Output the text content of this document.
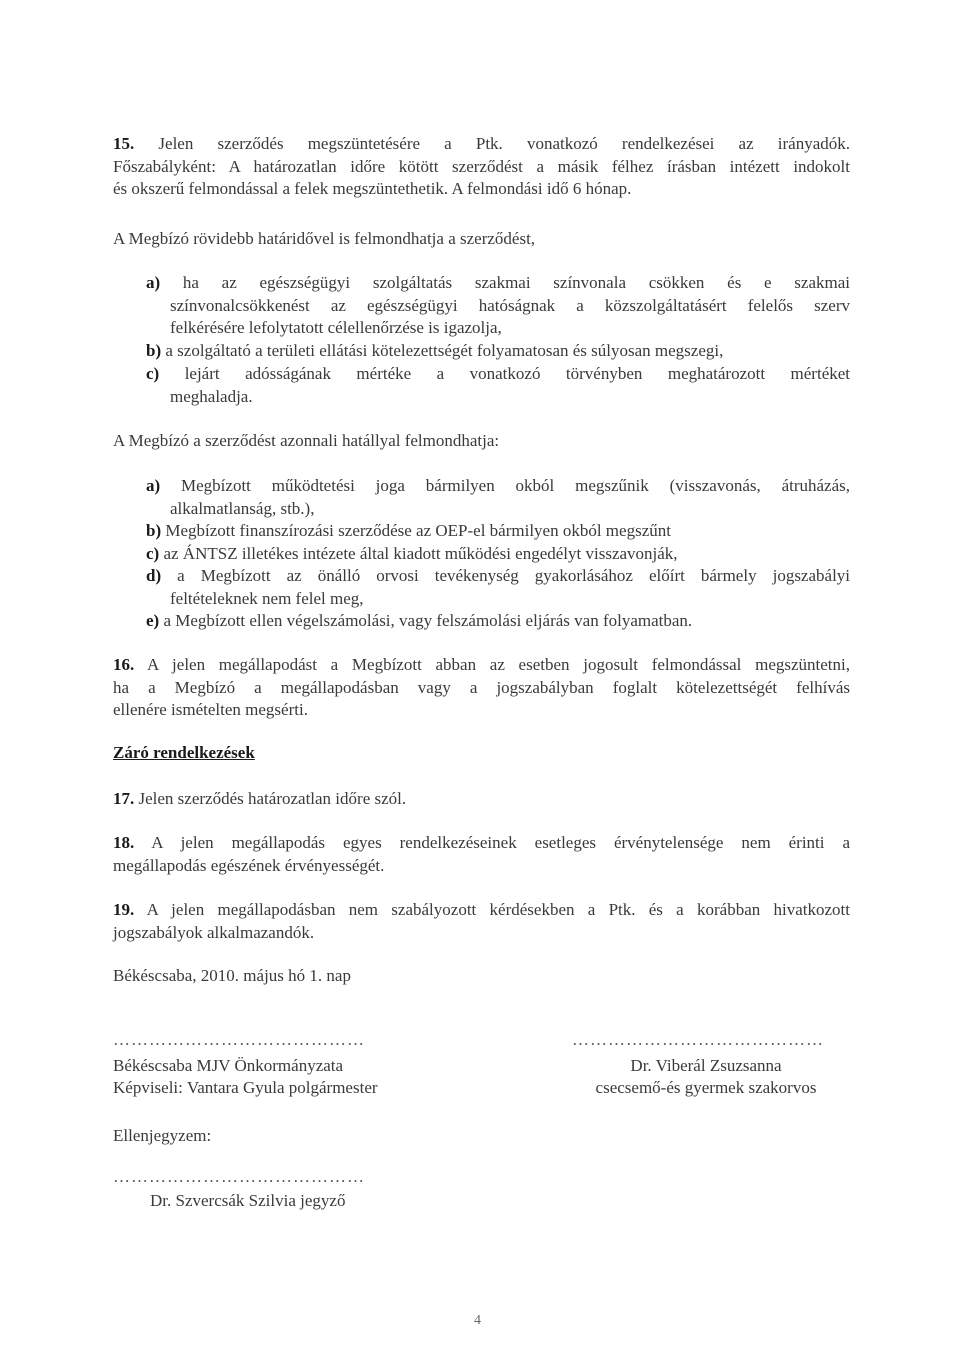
15. Jelen szerződés megszüntetésére a Ptk. vonatkozó rendelkezései az irányadók.
Főszabályként: A határozatlan időre kötött szerződést a másik félhez írásban intézett indokolt
és okszerű felmondással a felek megszüntethetik. A felmondási idő 6 hónap.
A Megbízó rövidebb határidővel is felmondhatja a szerződést,
a) ha az egészségügyi szolgáltatás szakmai színvonala csökken és e szakmai
színvonalcsökkenést az egészségügyi hatóságnak a közszolgáltatásért felelős szerv
felkérésére lefolytatott célellenőrzése is igazolja,
b) a szolgáltató a területi ellátási kötelezettségét folyamatosan és súlyosan megszegi,
c) lejárt adósságának mértéke a vonatkozó törvényben meghatározott mértéket
meghaladja.
A Megbízó a szerződést azonnali hatállyal felmondhatja:
a) Megbízott működtetési joga bármilyen okból megszűnik (visszavonás, átruházás,
alkalmatlanság, stb.),
b) Megbízott finanszírozási szerződése az OEP-el bármilyen okból megszűnt
c) az ÁNTSZ illetékes intézete által kiadott működési engedélyt visszavonják,
d) a Megbízott az önálló orvosi tevékenység gyakorlásához előírt bármely jogszabályi
feltételeknek nem felel meg,
e) a Megbízott ellen végelszámolási, vagy felszámolási eljárás van folyamatban.
16. A jelen megállapodást a Megbízott abban az esetben jogosult felmondással megszüntetni,
ha a Megbízó a megállapodásban vagy a jogszabályban foglalt kötelezettségét felhívás
ellenére ismételten megsérti.
Záró rendelkezések
17. Jelen szerződés határozatlan időre szól.
18. A jelen megállapodás egyes rendelkezéseinek esetleges érvénytelensége nem érinti a
megállapodás egészének érvényességét.
19. A jelen megállapodásban nem szabályozott kérdésekben a Ptk. és a korábban hivatkozott
jogszabályok alkalmazandók.
Békéscsaba, 2010. május hó 1. nap
……………………………………
Békéscsaba MJV Önkormányzata
Képviseli: Vantara Gyula polgármester
……………………………………
Dr. Viberál Zsuzsanna
csecsemő-és gyermek szakorvos
Ellenjegyzem:
……………………………………
Dr. Szvercsák Szilvia jegyző
4
